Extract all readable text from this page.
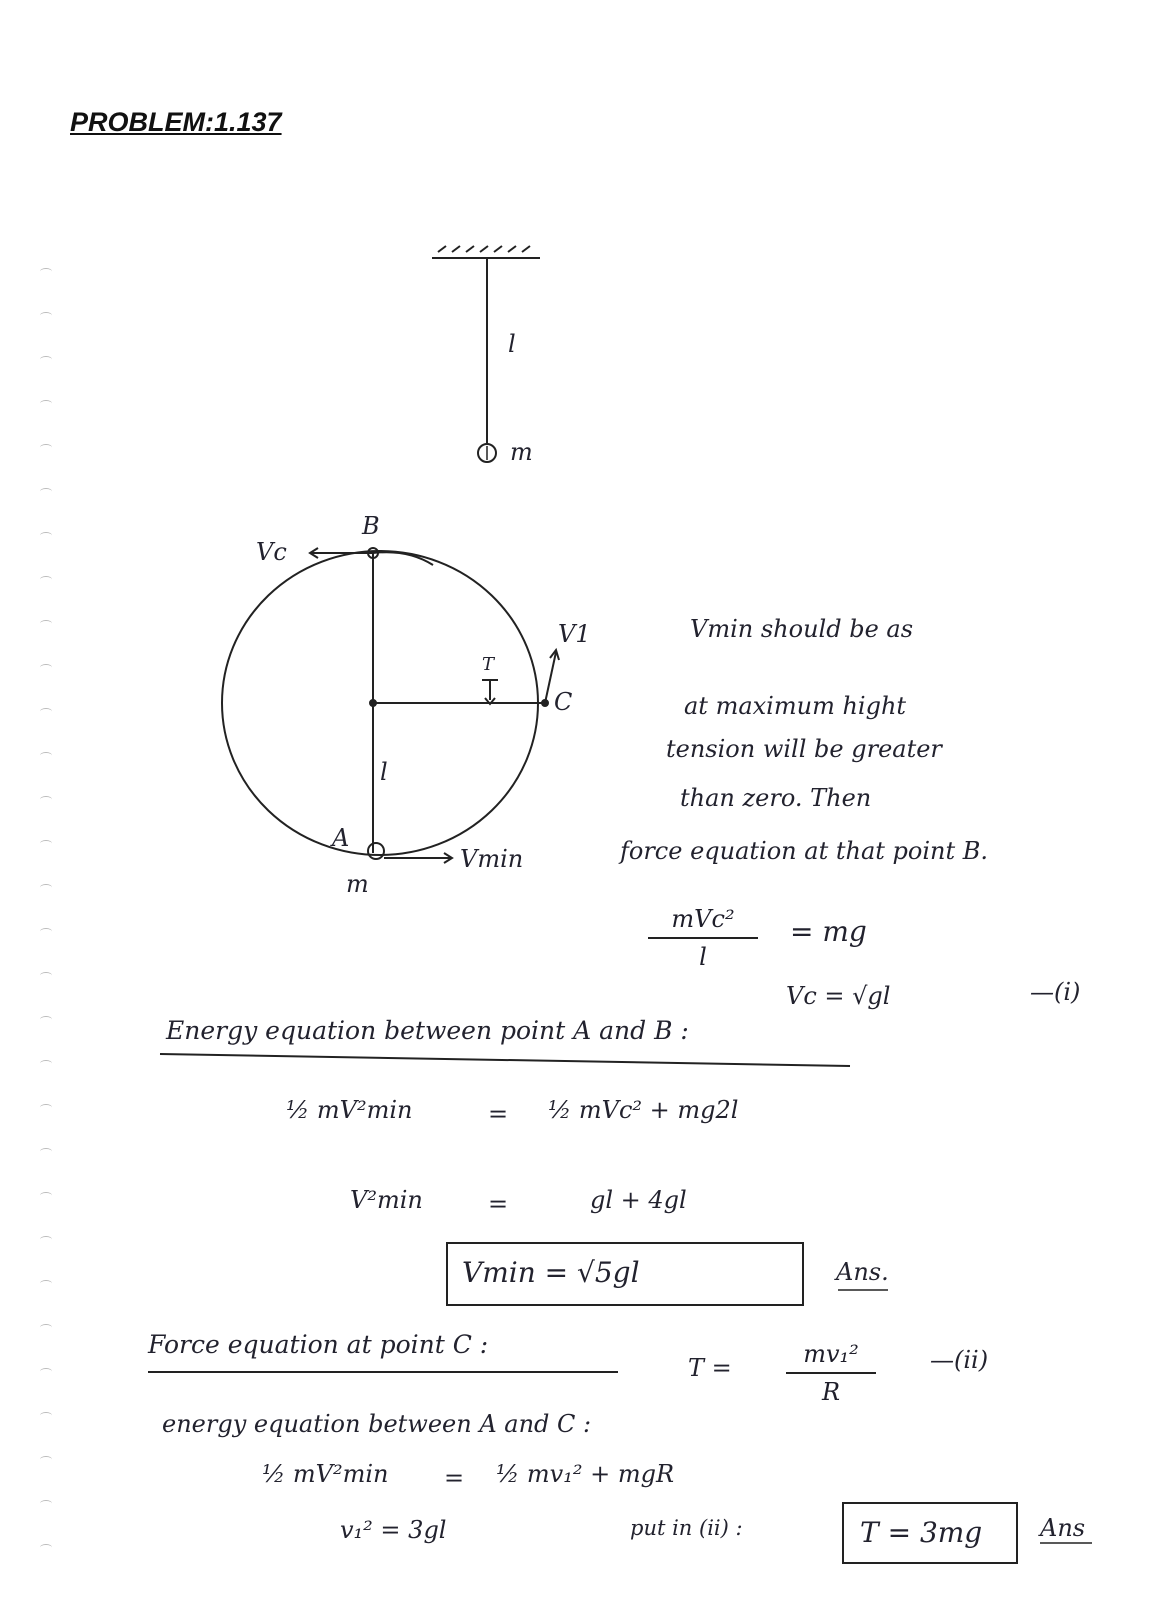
PROBLEM:1.137
l
m
B
Vc
V1
C
T
l
A
Vmin
m
Vmin should be as
at maximum hight
tension will be greater
than zero. Then
force equation at that point B.
mVc²
l
= mg
Vc = √gl	—(i)
Energy equation between point A and B :
½ mV²min	= ½ mVc² + mg2l
V²min	=	gl + 4gl
Vmin = √5gl	Ans.
Force equation at point C :
T =	mv₁²
R
—(ii)
energy equation between A and C :
½ mV²min = ½ mv₁² + mgR
v₁² = 3gl	put in (ii) :	T = 3mg Ans
